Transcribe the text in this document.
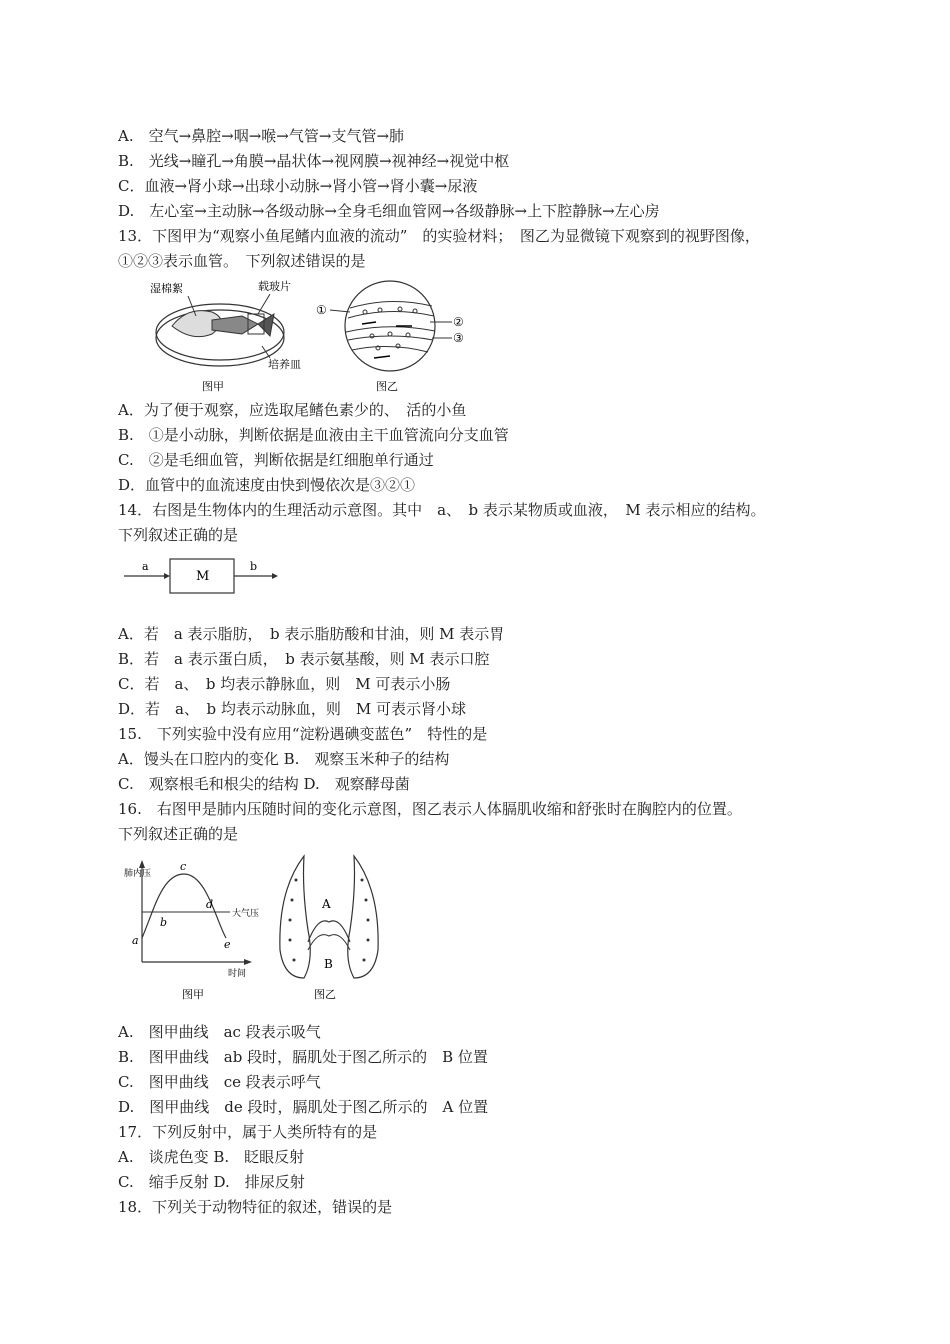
A.　空气→鼻腔→咽→喉→气管→支气管→肺
B.　光线→瞳孔→角膜→晶状体→视网膜→视神经→视觉中枢
C．血液→肾小球→出球小动脉→肾小管→肾小囊→尿液
D.　左心室→主动脉→各级动脉→全身毛细血管网→各级静脉→上下腔静脉→左心房
13．下图甲为“观察小鱼尾鳍内血液的流动”　的实验材料；　图乙为显微镜下观察到的视野图像，
①②③表示血管。　下列叙述错误的是
湿棉絮	载玻片
培养皿
图甲
①
②
③
图乙
A．为了便于观察，应选取尾鳍色素少的、　活的小鱼
B.　①是小动脉，判断依据是血液由主干血管流向分支血管
C.　②是毛细血管，判断依据是红细胞单行通过
D．血管中的血流速度由快到慢依次是③②①
14．右图是生物体内的生理活动示意图。其中　a、　b 表示某物质或血液，　M 表示相应的结构。
下列叙述正确的是
a
M
b
A．若　a 表示脂肪，　b 表示脂肪酸和甘油，则 M 表示胃
B．若　a 表示蛋白质，　b 表示氨基酸，则 M 表示口腔
C．若　a、　b 均表示静脉血，则　M 可表示小肠
D．若　a、　b 均表示动脉血，则　M 可表示肾小球
15.　下列实验中没有应用“淀粉遇碘变蓝色”　特性的是
A．馒头在口腔内的变化 B.　观察玉米种子的结构
C.　观察根毛和根尖的结构 D.　观察酵母菌
16.　右图甲是肺内压随时间的变化示意图，图乙表示人体膈肌收缩和舒张时在胸腔内的位置。
下列叙述正确的是
肺内压
时间
a
b
c
d
e
大气压
图甲
A
B
图乙
A.　图甲曲线　ac 段表示吸气
B.　图甲曲线　ab 段时，膈肌处于图乙所示的　B 位置
C.　图甲曲线　ce 段表示呼气
D.　图甲曲线　de 段时，膈肌处于图乙所示的　A 位置
17．下列反射中，属于人类所特有的是
A.　谈虎色变 B.　眨眼反射
C.　缩手反射 D.　排尿反射
18．下列关于动物特征的叙述，错误的是
